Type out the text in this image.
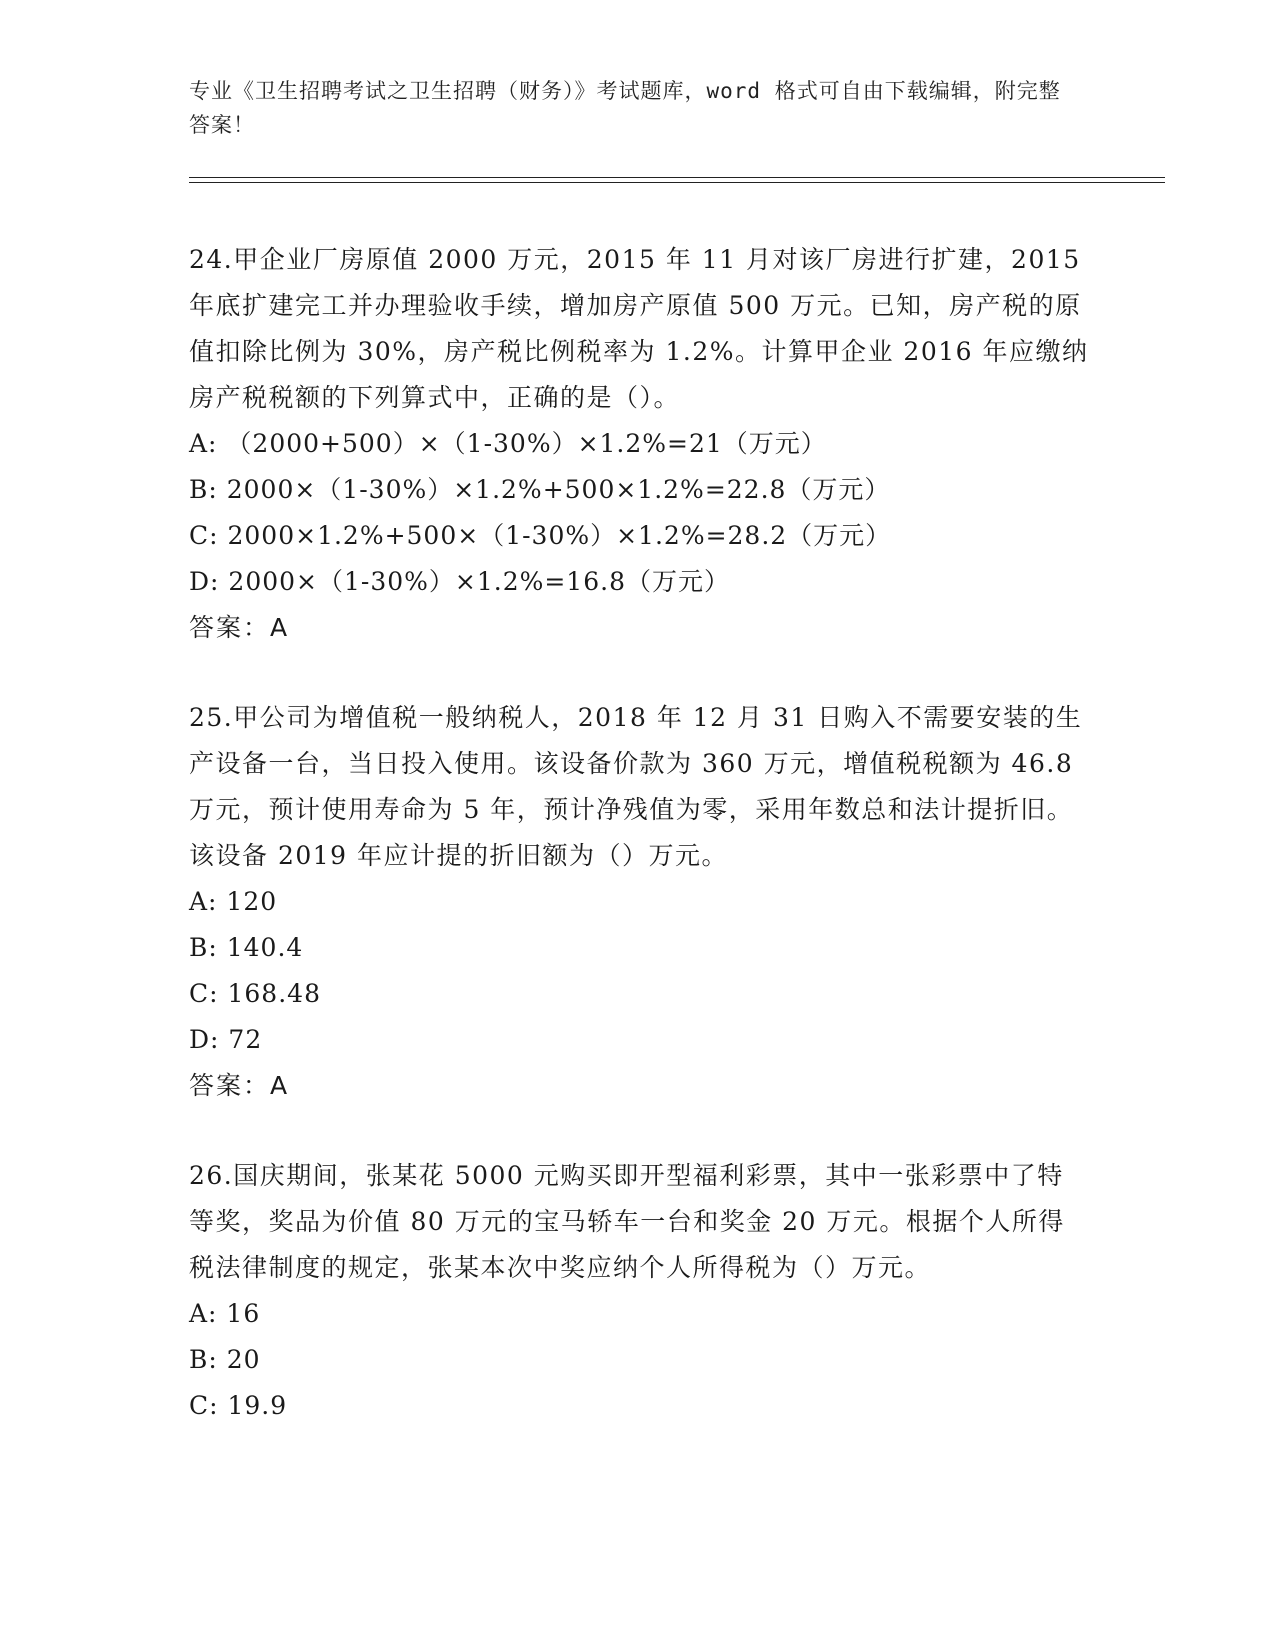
专业《卫生招聘考试之卫生招聘（财务）》考试题库，word 格式可自由下载编辑，附完整答案！

24.甲企业厂房原值 2000 万元，2015 年 11 月对该厂房进行扩建，2015 年底扩建完工并办理验收手续，增加房产原值 500 万元。已知，房产税的原值扣除比例为 30%，房产税比例税率为 1.2%。计算甲企业 2016 年应缴纳房产税税额的下列算式中，正确的是（）。

A: （2000+500）×（1-30%）×1.2%=21（万元）

B: 2000×（1-30%）×1.2%+500×1.2%=22.8（万元）

C: 2000×1.2%+500×（1-30%）×1.2%=28.2（万元）

D: 2000×（1-30%）×1.2%=16.8（万元）

答案：A

25.甲公司为增值税一般纳税人，2018 年 12 月 31 日购入不需要安装的生产设备一台，当日投入使用。该设备价款为 360 万元，增值税税额为 46.8 万元，预计使用寿命为 5 年，预计净残值为零，采用年数总和法计提折旧。该设备 2019 年应计提的折旧额为（）万元。

A: 120

B: 140.4

C: 168.48

D: 72

答案：A

26.国庆期间，张某花 5000 元购买即开型福利彩票，其中一张彩票中了特等奖，奖品为价值 80 万元的宝马轿车一台和奖金 20 万元。根据个人所得税法律制度的规定，张某本次中奖应纳个人所得税为（）万元。

A: 16

B: 20

C: 19.9
